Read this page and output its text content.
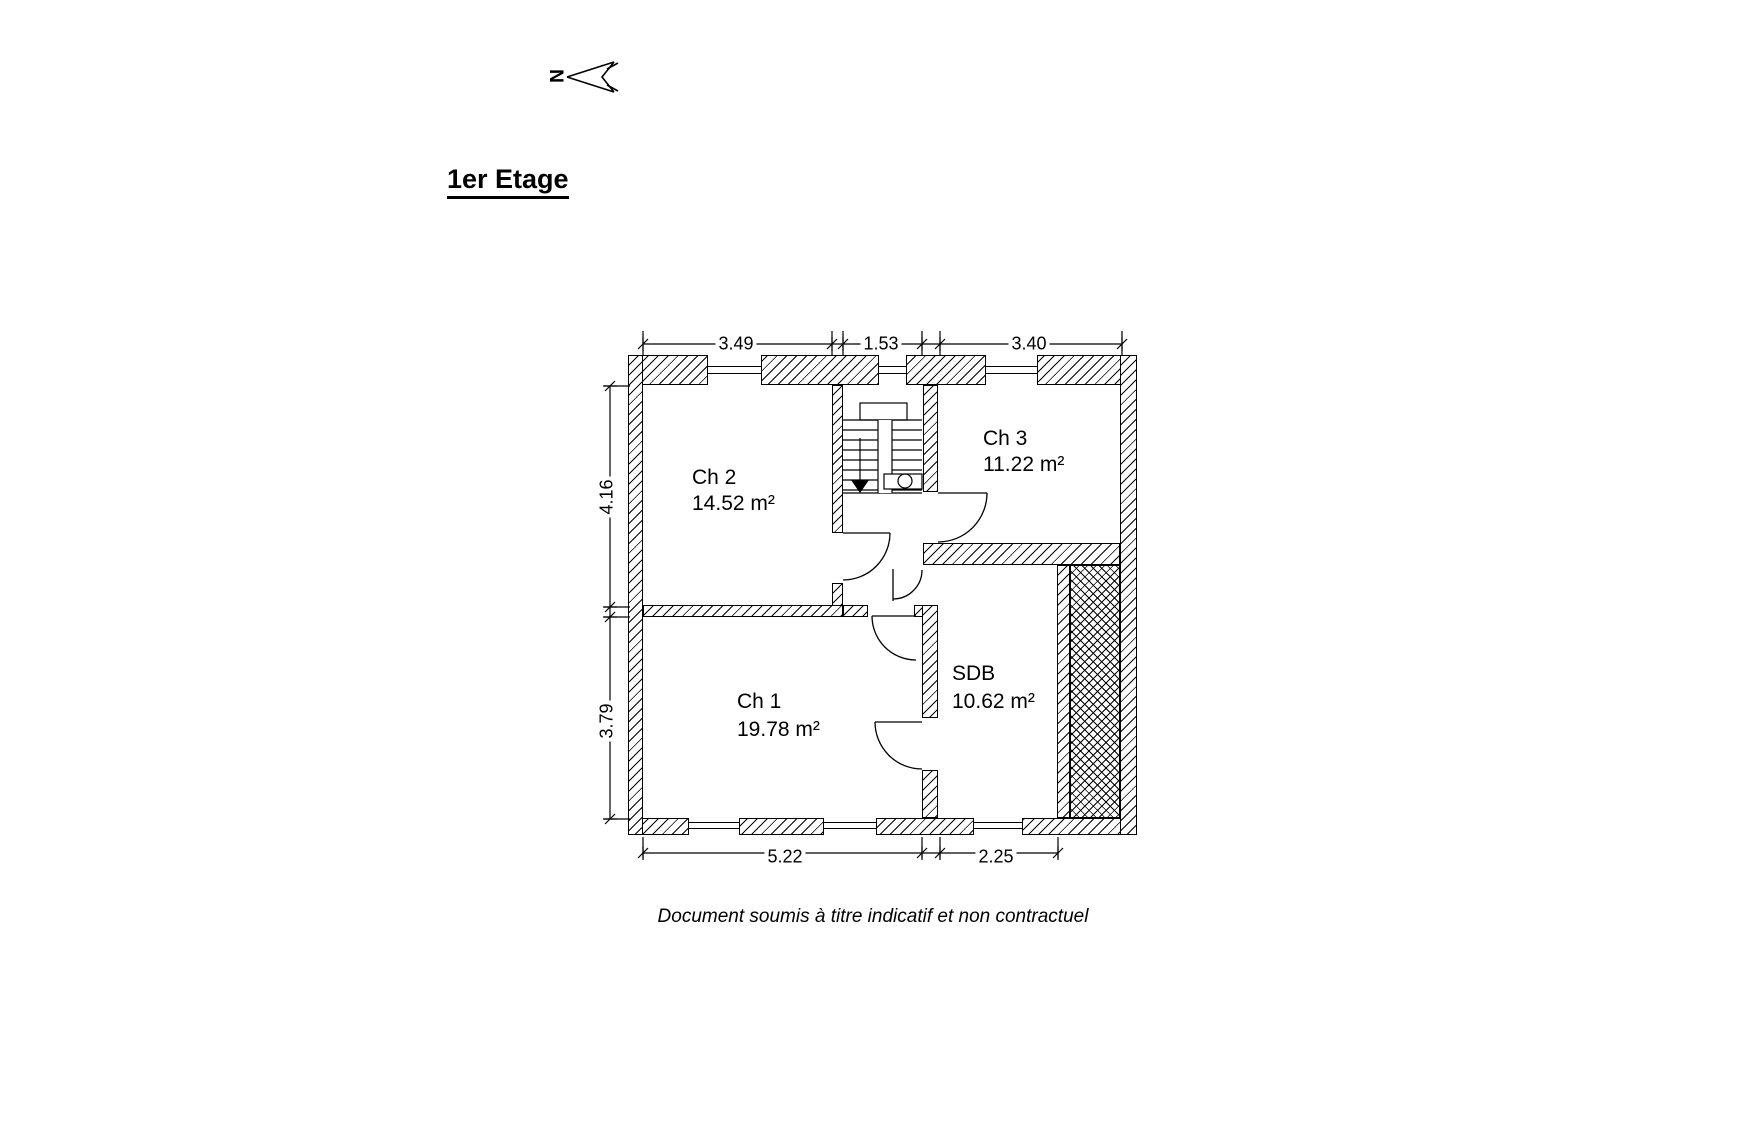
1er Etage
N
3.49	1.53	3.40
4.16
3.79
5.22	2.25
Ch 2
14.52 m²
Ch 3
11.22 m²
Ch 1
19.78 m²
SDB
10.62 m²
Document soumis à titre indicatif et non contractuel
